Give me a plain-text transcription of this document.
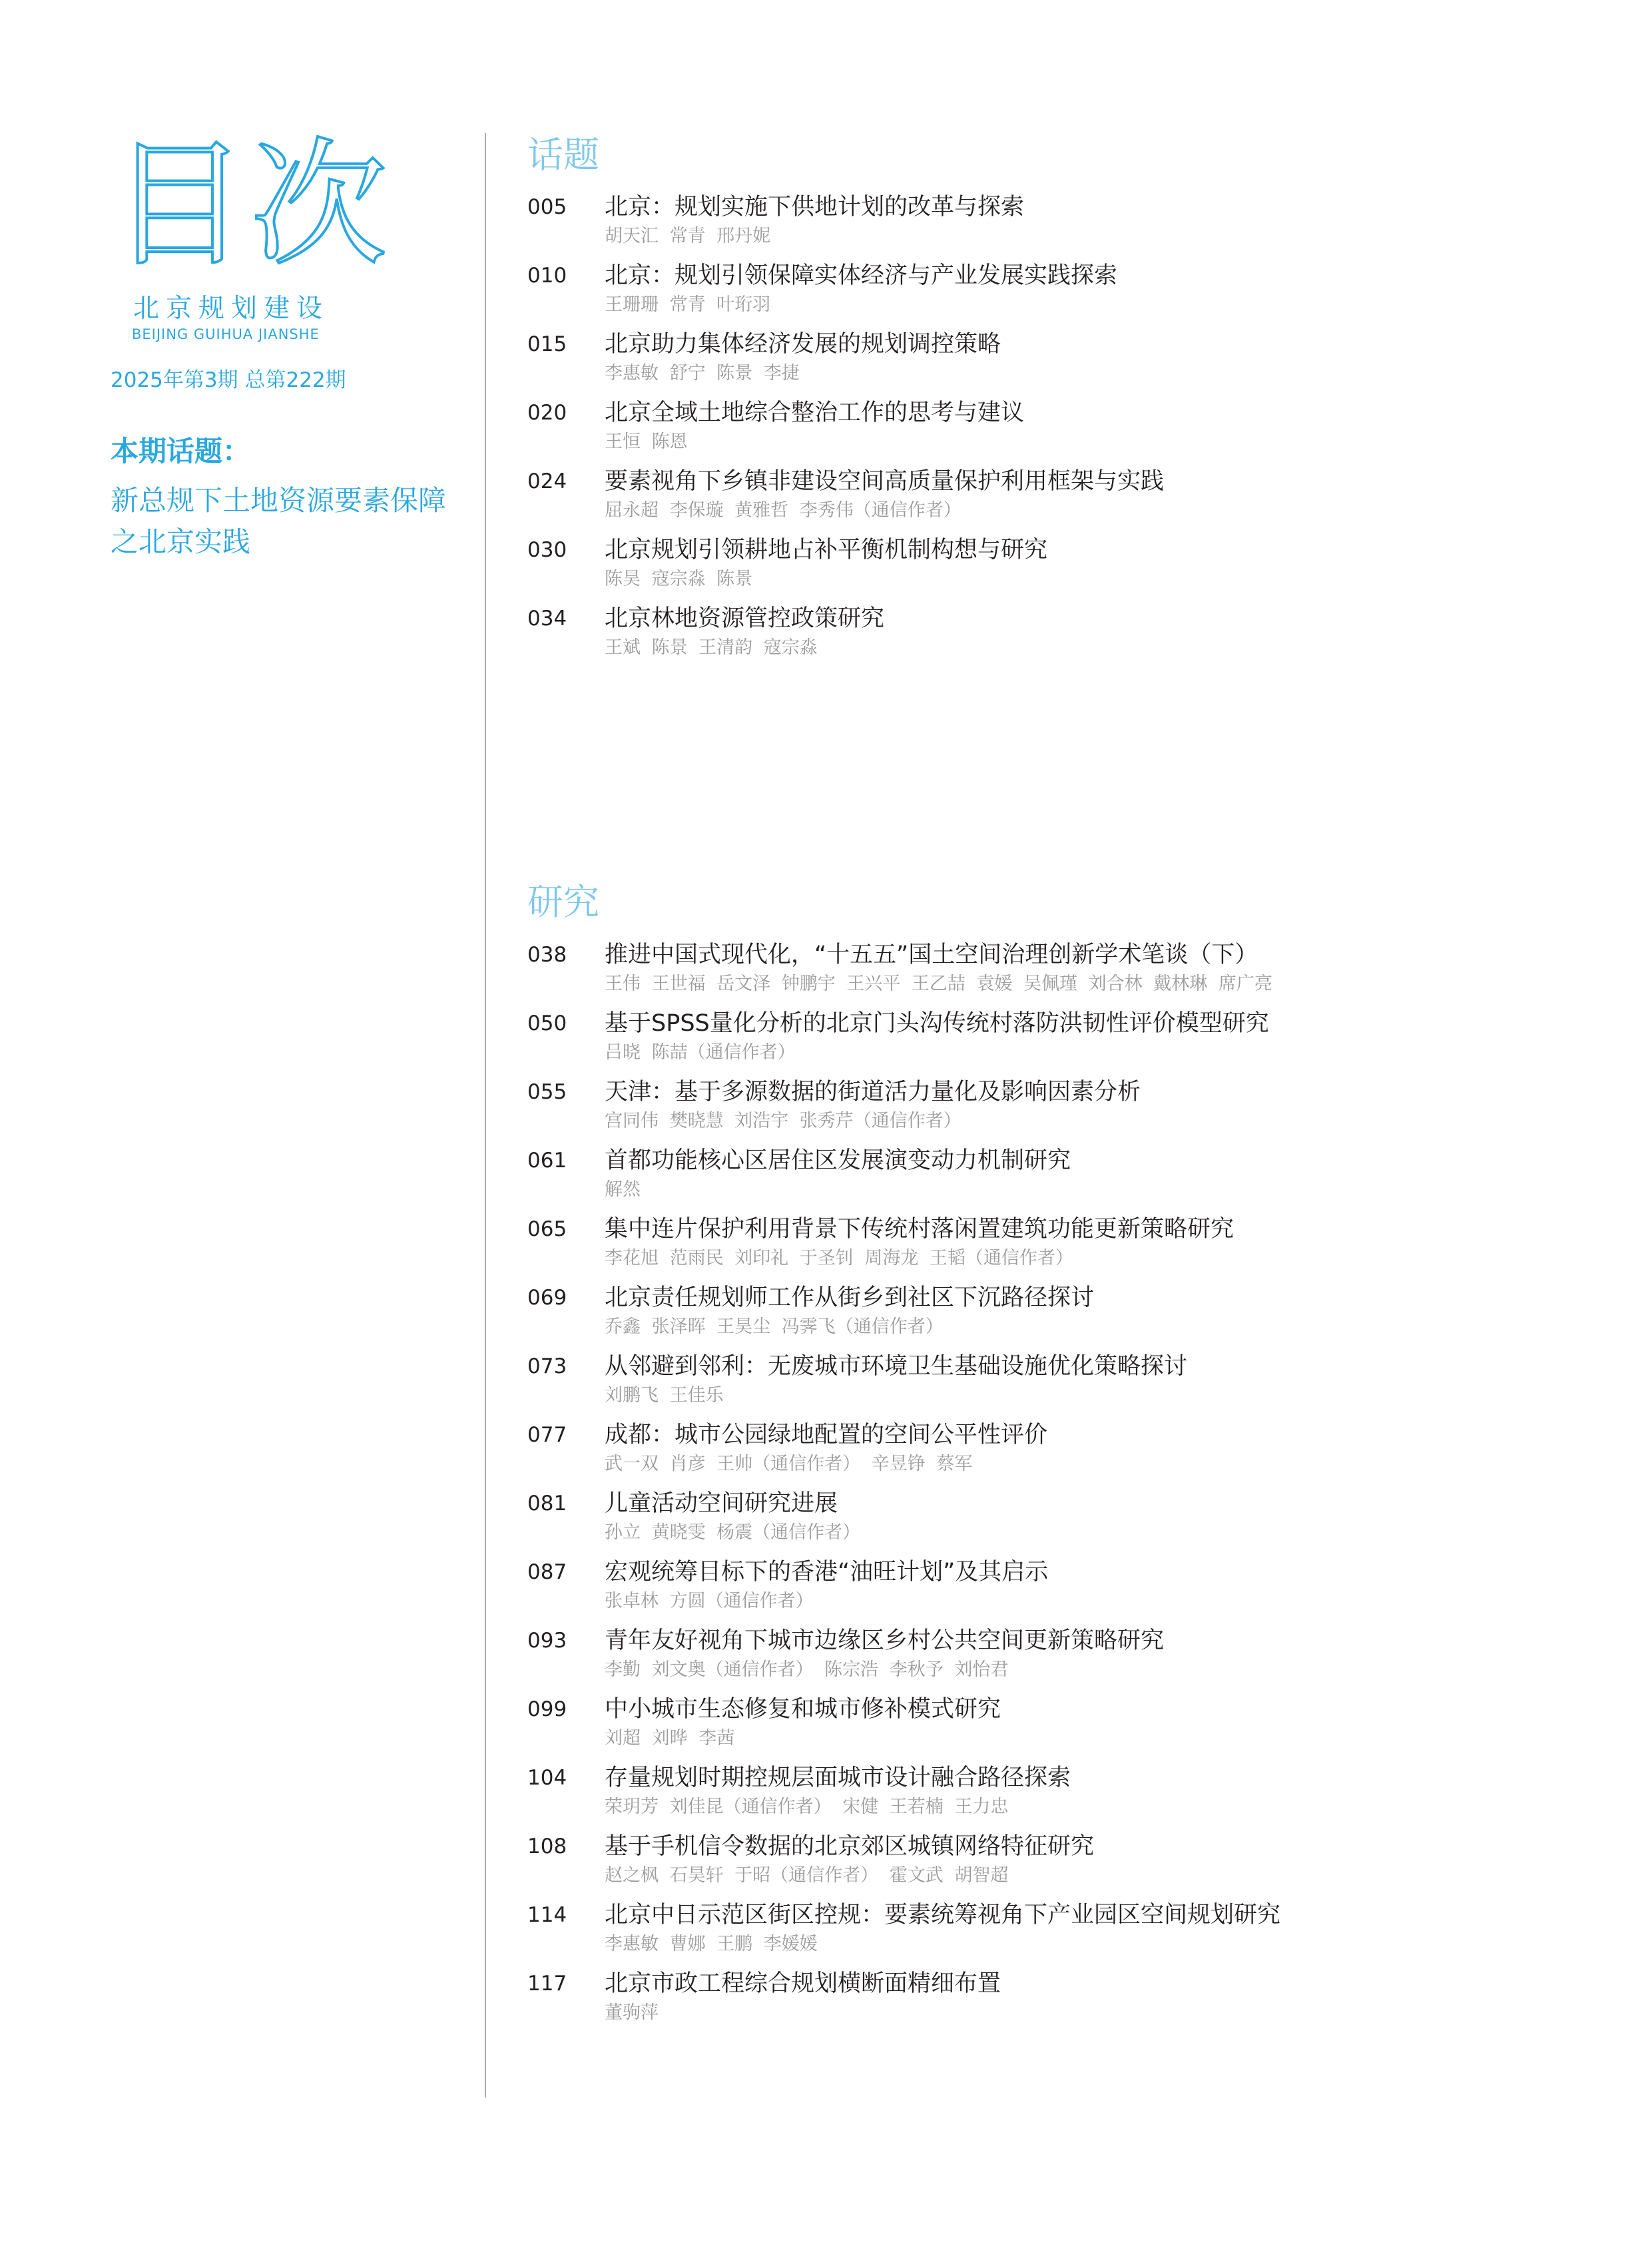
目次

北京规划建设

BEIJING GUIHUA JIANSHE

2025年第3期 总第222期

本期话题：

新总规下土地资源要素保障之北京实践

话题
005 北京：规划实施下供地计划的改革与探索
胡天汇 常青 邢丹妮
010 北京：规划引领保障实体经济与产业发展实践探索
王珊珊 常青 叶珩羽
015 北京助力集体经济发展的规划调控策略
李惠敏 舒宁 陈景 李捷
020 北京全域土地综合整治工作的思考与建议
王恒 陈恩
024 要素视角下乡镇非建设空间高质量保护利用框架与实践
屈永超 李保璇 黄雅哲 李秀伟（通信作者）
030 北京规划引领耕地占补平衡机制构想与研究
陈昊 寇宗淼 陈景
034 北京林地资源管控政策研究
王斌 陈景 王清韵 寇宗淼
研究
038 推进中国式现代化，“十五五”国土空间治理创新学术笔谈（下）
王伟 王世福 岳文泽 钟鹏宇 王兴平 王乙喆 袁媛 吴佩瑾 刘合林 戴林琳 席广亮
050 基于SPSS量化分析的北京门头沟传统村落防洪韧性评价模型研究
吕晓 陈喆（通信作者）
055 天津：基于多源数据的街道活力量化及影响因素分析
宫同伟 樊晓慧 刘浩宇 张秀芹（通信作者）
061 首都功能核心区居住区发展演变动力机制研究
解然
065 集中连片保护利用背景下传统村落闲置建筑功能更新策略研究
李花旭 范雨民 刘印礼 于圣钊 周海龙 王韬（通信作者）
069 北京责任规划师工作从街乡到社区下沉路径探讨
乔鑫 张泽晖 王昊尘 冯霁飞（通信作者）
073 从邻避到邻利：无废城市环境卫生基础设施优化策略探讨
刘鹏飞 王佳乐
077 成都：城市公园绿地配置的空间公平性评价
武一双 肖彦 王帅（通信作者） 辛昱铮 蔡军
081 儿童活动空间研究进展
孙立 黄晓雯 杨震（通信作者）
087 宏观统筹目标下的香港“油旺计划”及其启示
张卓林 方圆（通信作者）
093 青年友好视角下城市边缘区乡村公共空间更新策略研究
李勤 刘文奥（通信作者） 陈宗浩 李秋予 刘怡君
099 中小城市生态修复和城市修补模式研究
刘超 刘晔 李茜
104 存量规划时期控规层面城市设计融合路径探索
荣玥芳 刘佳昆（通信作者） 宋健 王若楠 王力忠
108 基于手机信令数据的北京郊区城镇网络特征研究
赵之枫 石昊轩 于昭（通信作者） 霍文武 胡智超
114 北京中日示范区街区控规：要素统筹视角下产业园区空间规划研究
李惠敏 曹娜 王鹏 李媛媛
117 北京市政工程综合规划横断面精细布置
董驹萍
